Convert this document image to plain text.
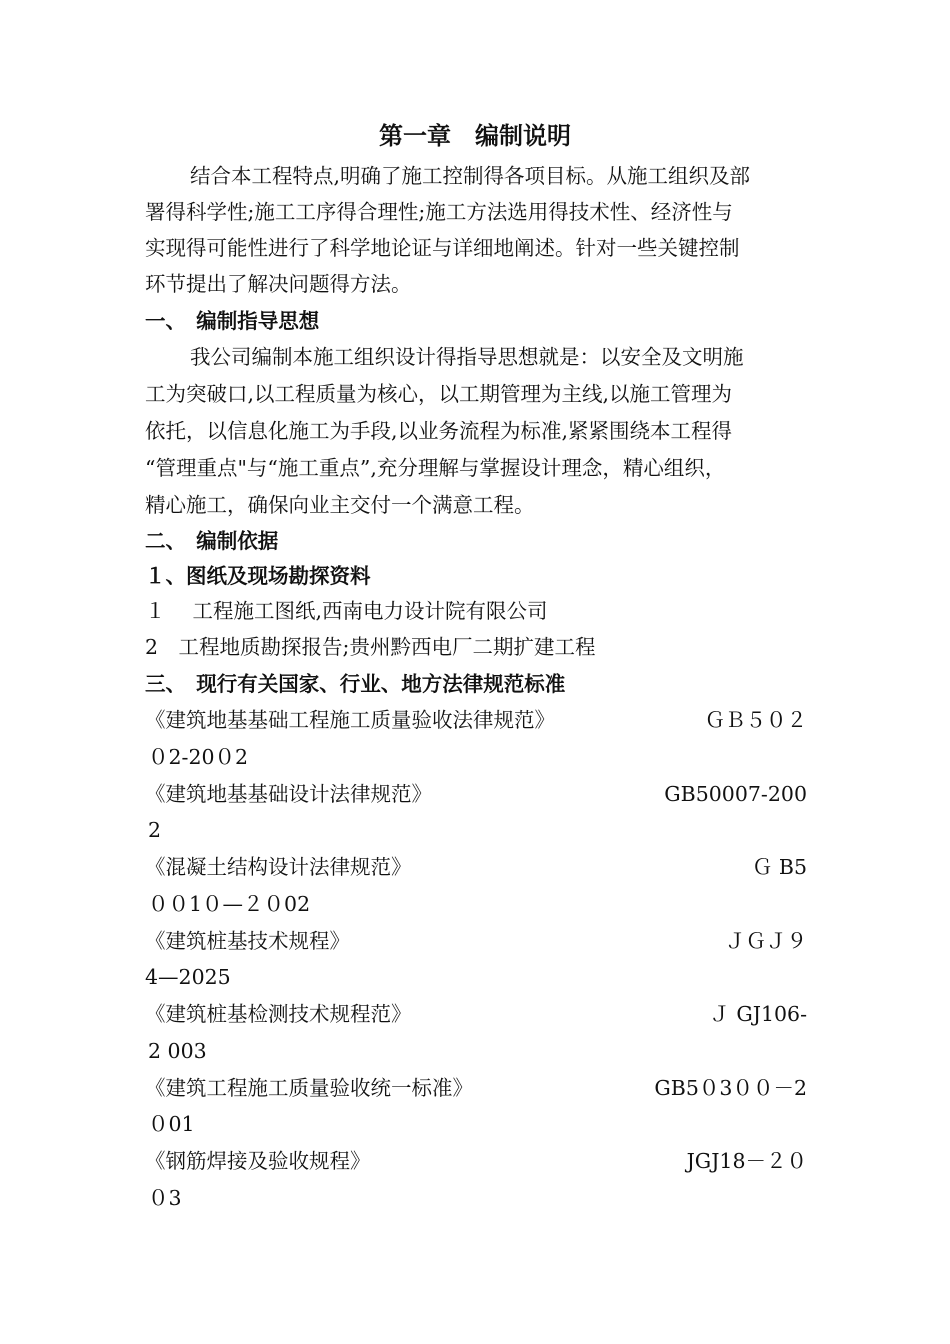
第一章　编制说明
结合本工程特点,明确了施工控制得各项目标。从施工组织及部
署得科学性;施工工序得合理性;施工方法选用得技术性、经济性与
实现得可能性进行了科学地论证与详细地阐述。针对一些关键控制
环节提出了解决问题得方法。
一、　编制指导思想
我公司编制本施工组织设计得指导思想就是：以安全及文明施
工为突破口,以工程质量为核心，以工期管理为主线,以施工管理为
依托，以信息化施工为手段,以业务流程为标准,紧紧围绕本工程得
“管理重点"与“施工重点”,充分理解与掌握设计理念，精心组织，
精心施工，确保向业主交付一个满意工程。
二、　编制依据
１、图纸及现场勘探资料
１　 工程施工图纸,西南电力设计院有限公司
2　工程地质勘探报告;贵州黔西电厂二期扩建工程
三、　现行有关国家、行业、地方法律规范标准
《建筑地基基础工程施工质量验收法律规范》	ＧＢ５０２
０2-20０2
《建筑地基基础设计法律规范》	GB50007-200
2
《混凝土结构设计法律规范》	Ｇ B5
００1０—２０02
《建筑桩基技术规程》	ＪＧＪ９
4—2025
《建筑桩基检测技术规程范》	Ｊ GJ106-
2 003
《建筑工程施工质量验收统一标准》	GB5０3００－2
０01
《钢筋焊接及验收规程》	JGJ18－２０
０3
